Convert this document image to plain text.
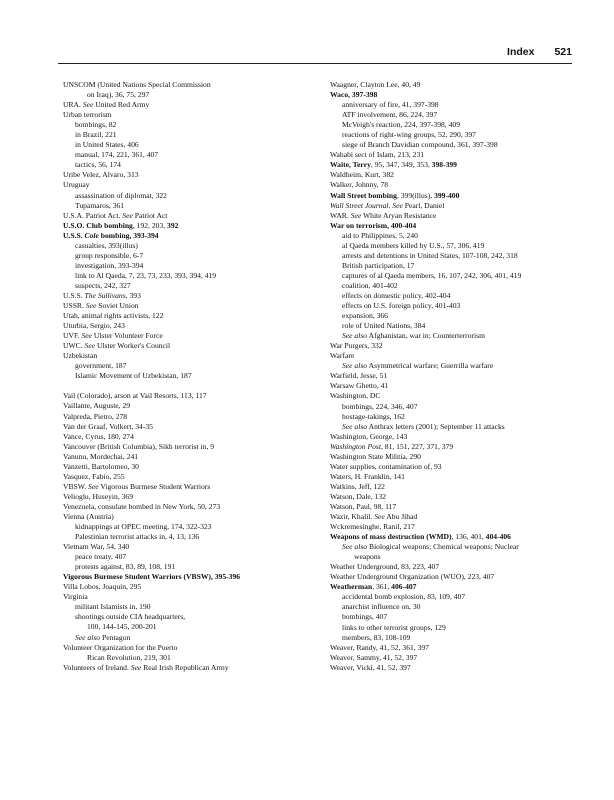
Index 521
UNSCOM (United Nations Special Commission
on Iraq), 36, 75, 297
URA. See United Red Army
Urban terrorism
bombings, 82
in Brazil, 221
in United States, 406
manual, 174, 221, 361, 407
tactics, 56, 174
Uribe Velez, Alvaro, 313
Uruguay
assassination of diplomat, 322
Tupamaros, 361
U.S.A. Patriot Act. See Patriot Act
U.S.O. Club bombing, 192, 203, 392
U.S.S. Cole bombing, 393-394
casualties, 393(illus)
group responsible, 6-7
investigation, 393-394
link to Al Qaeda, 7, 23, 73, 233, 393, 394, 419
suspects, 242, 327
U.S.S. The Sullivans, 393
USSR. See Soviet Union
Utah, animal rights activists, 122
Uturbia, Sergio, 243
UVF. See Ulster Volunteer Force
UWC. See Ulster Worker's Council
Uzbekistan
government, 187
Islamic Movement of Uzbekistan, 187
Vail (Colorado), arson at Vail Resorts, 113, 117
Vaillante, Auguste, 29
Valpreda, Pietro, 278
Van der Graaf, Volkert, 34-35
Vance, Cyrus, 180, 274
Vancouver (British Columbia), Sikh terrorist in, 9
Vanunu, Mordechai, 241
Vanzetti, Bartolomeo, 30
Vasquez, Fabio, 255
VBSW. See Vigorous Burmese Student Warriors
Velioglu, Huseyin, 369
Venezuela, consulate bombed in New York, 50, 273
Vienna (Austria)
kidnappings at OPEC meeting, 174, 322-323
Palestinian terrorist attacks in, 4, 13, 136
Vietnam War, 54, 340
peace treaty, 407
protests against, 83, 89, 108, 191
Vigorous Burmese Student Warriors (VBSW), 395-396
Villa Lobos, Joaquin, 295
Virginia
militant Islamists in, 190
shootings outside CIA headquarters,
100, 144-145, 200-201
See also Pentagon
Volunteer Organization for the Puerto
Rican Revolution, 219, 301
Volunteers of Ireland. See Real Irish Republican Army
Waagner, Clayton Lee, 40, 49
Waco, 397-398
anniversary of fire, 41, 397-398
ATF involvement, 86, 224, 397
McVeigh's reaction, 224, 397-398, 409
reactions of right-wing groups, 52, 290, 397
siege of Branch Davidian compound, 361, 397-398
Wahabi sect of Islam, 213, 231
Waite, Terry, 95, 347, 349, 353, 398-399
Waldheim, Kurt, 382
Walker, Johnny, 78
Wall Street bombing, 399(illus), 399-400
Wall Street Journal. See Pearl, Daniel
WAR. See White Aryan Resistance
War on terrorism, 400-404
aid to Philippines, 5, 240
al Qaeda members killed by U.S., 57, 306, 419
arrests and detentions in United States, 107-108, 242, 318
British participation, 17
captures of al Qaeda members, 16, 107, 242, 306, 401, 419
coalition, 401-402
effects on domestic policy, 402-404
effects on U.S. foreign policy, 401-403
expansion, 366
role of United Nations, 384
See also Afghanistan, war in; Counterterrorism
War Purgers, 332
Warfare
See also Asymmetrical warfare; Guerrilla warfare
Warfield, Jesse, 51
Warsaw Ghetto, 41
Washington, DC
bombings, 224, 346, 407
hostage-takings, 162
See also Anthrax letters (2001); September 11 attacks
Washington, George, 143
Washington Post, 81, 151, 227, 371, 379
Washington State Militia, 290
Water supplies, contamination of, 93
Waters, H. Franklin, 141
Watkins, Jeff, 122
Watson, Dale, 132
Watson, Paul, 98, 117
Wazir, Khalil. See Abu Jihad
Wckremesinghe, Ranil, 217
Weapons of mass destruction (WMD), 136, 401, 404-406
See also Biological weapons; Chemical weapons; Nuclear
weapons
Weather Underground, 83, 223, 407
Weather Underground Organization (WUO), 223, 407
Weatherman, 361, 406-407
accidental bomb explosion, 83, 109, 407
anarchist influence on, 30
bombings, 407
links to other terrorist groups, 129
members, 83, 108-109
Weaver, Randy, 41, 52, 361, 397
Weaver, Sammy, 41, 52, 397
Weaver, Vicki, 41, 52, 397
